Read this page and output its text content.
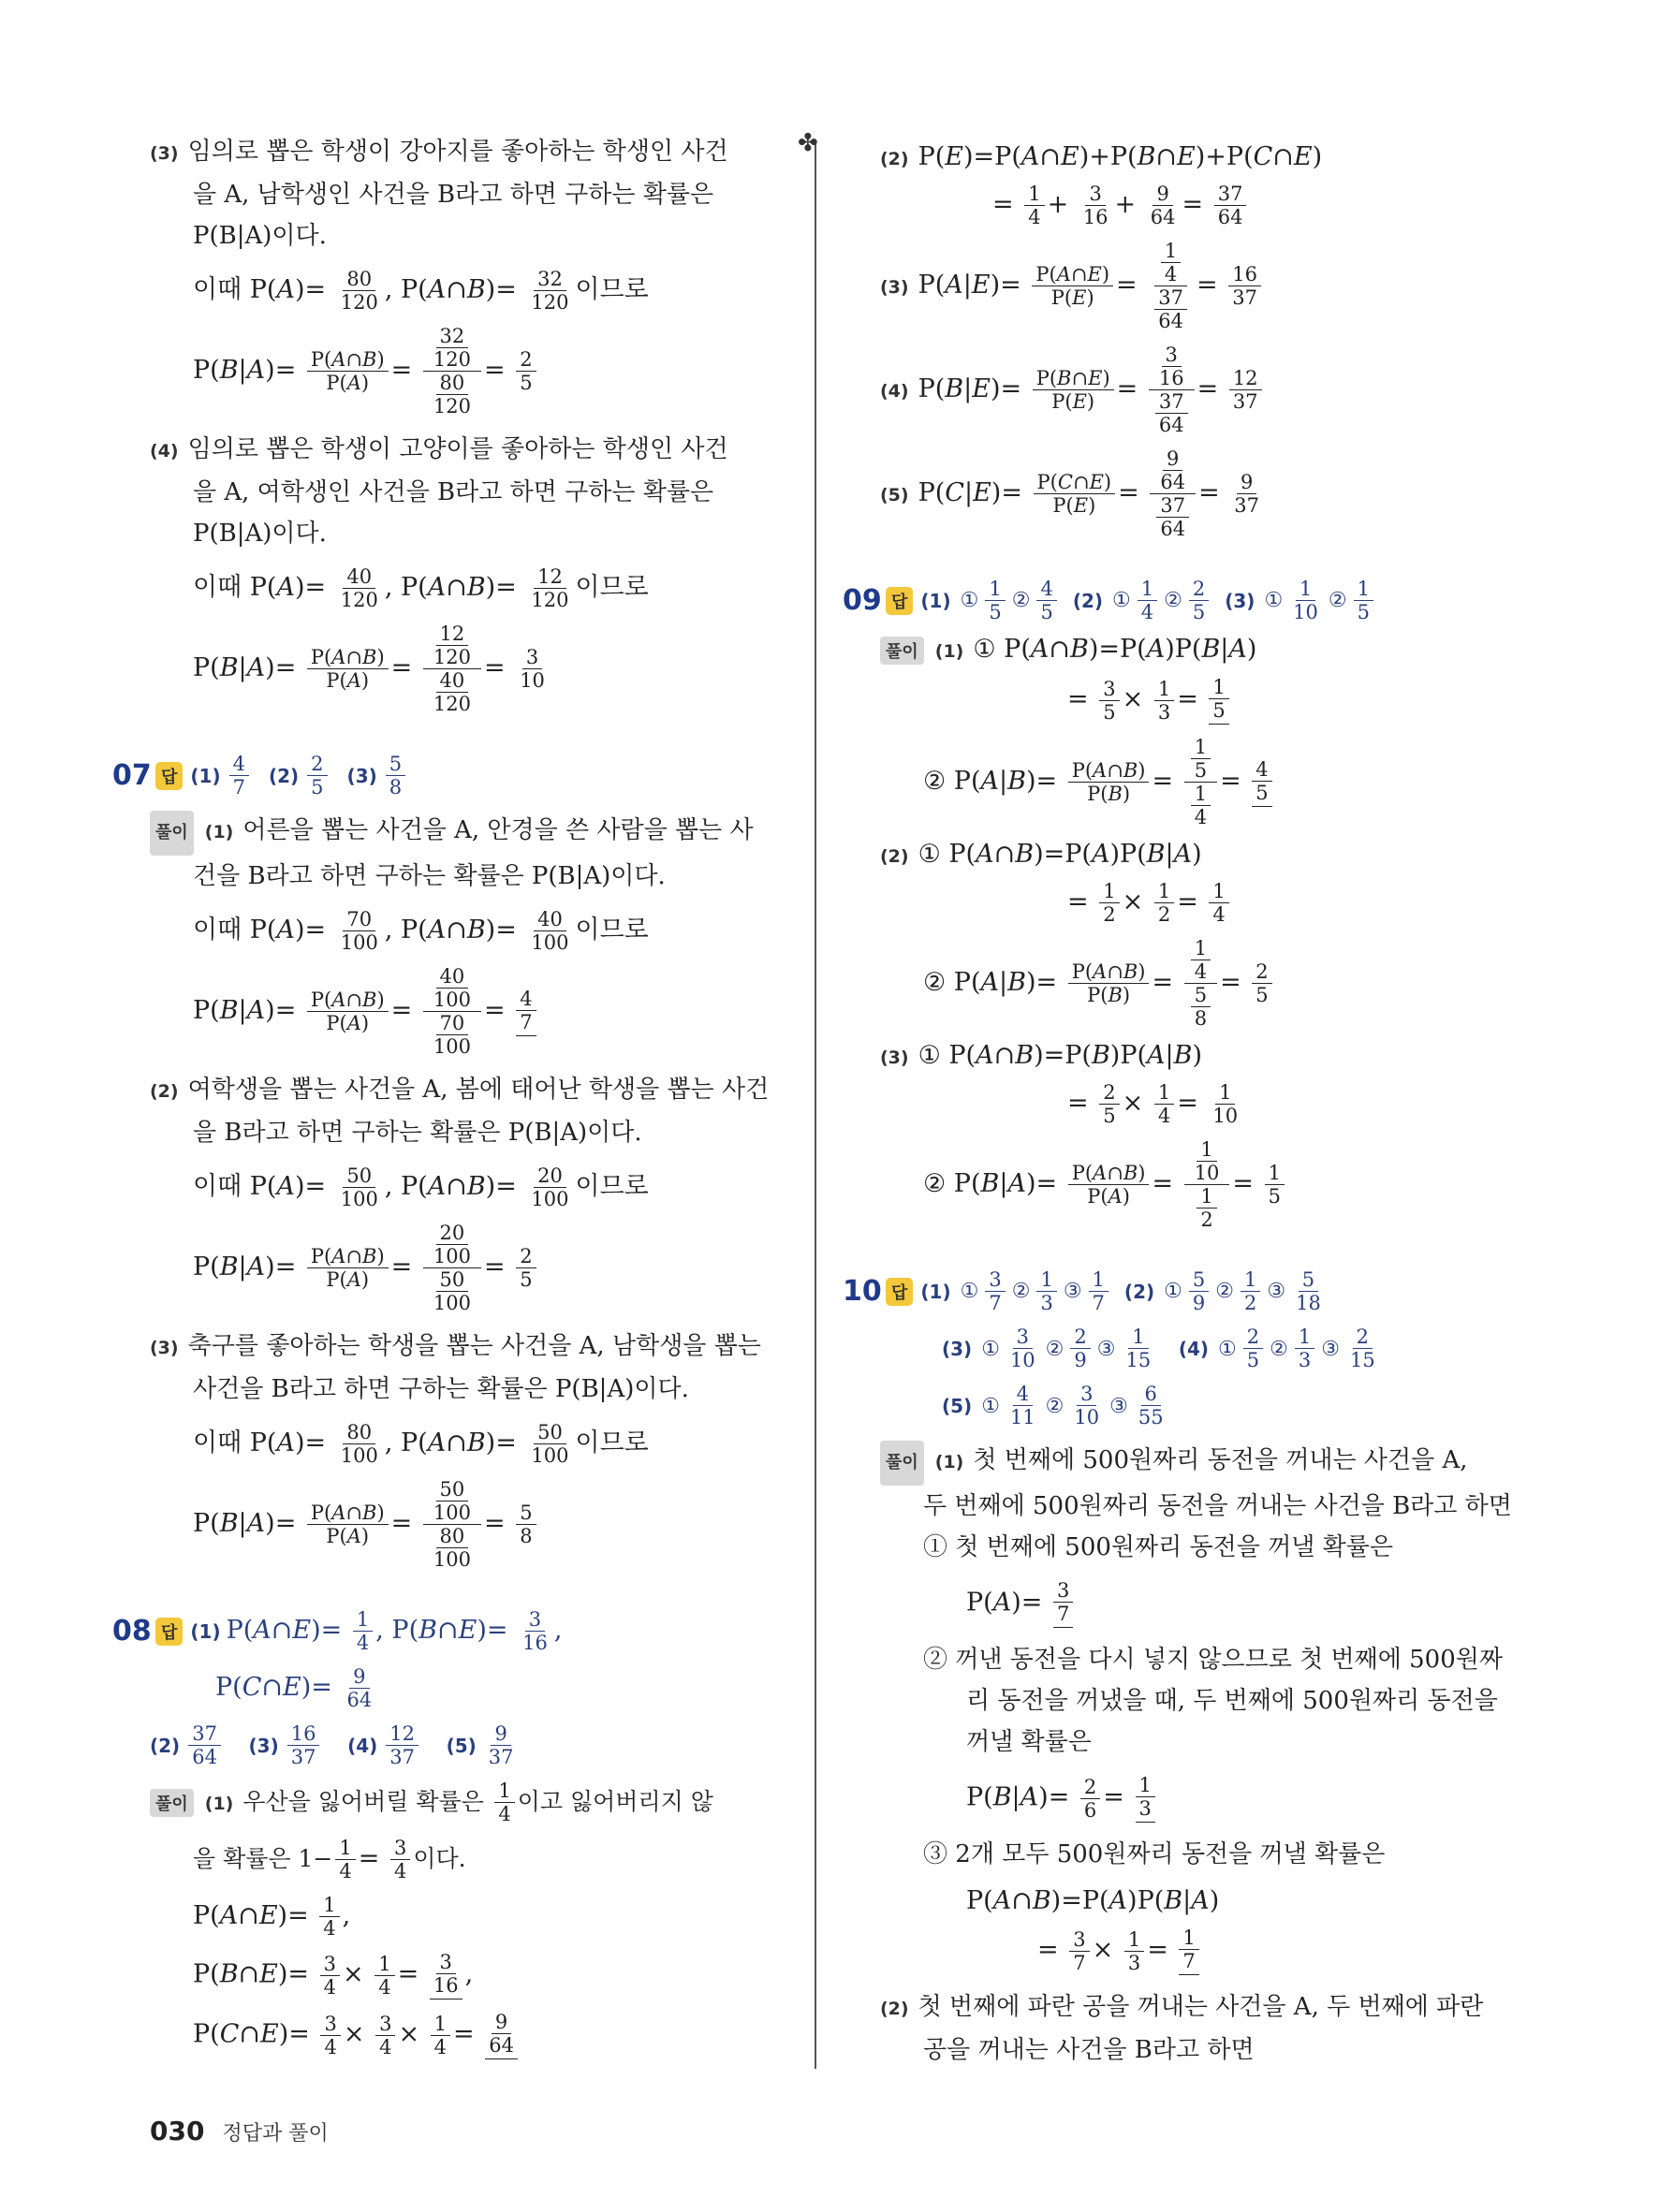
✤

(3) 임의로 뽑은 학생이 강아지를 좋아하는 학생인 사건

을 A, 남학생인 사건을 B라고 하면 구하는 확률은

P(B|A)이다.

이때 $P(A)= \frac{80}{120}$ , P(A∩B)= $\frac{32}{120}$ 이므로
$P(B|A)= \frac{P(A\cap B)}{P(A)} = \frac{\frac{32}{120}}{\frac{80}{120}} = \frac{2}{5}$

(4) 임의로 뽑은 학생이 고양이를 좋아하는 학생인 사건

을 A, 여학생인 사건을 B라고 하면 구하는 확률은

P(B|A)이다.

이때 $P(A)= \frac{40}{120}$ , P(A∩B)= $\frac{12}{120}$ 이므로
$P(B|A)= \frac{P(A\cap B)}{P(A)} = \frac{\frac{12}{120}}{\frac{40}{120}} = \frac{3}{10}$
07 답 $(1) \frac{4}{7} (2) \frac{2}{5} (3) \frac{5}{8}$

풀이 (1) 어른을 뽑는 사건을 A, 안경을 쓴 사람을 뽑는 사

건을 B라고 하면 구하는 확률은 P(B|A)이다.

이때 $P(A)= \frac{70}{100}$ , P(A∩B)= $\frac{40}{100}$ 이므로
$P(B|A)= \frac{P(A\cap B)}{P(A)} = \frac{\frac{40}{100}}{\frac{70}{100}} = \frac{4}{7}$

(2) 여학생을 뽑는 사건을 A, 봄에 태어난 학생을 뽑는 사건

을 B라고 하면 구하는 확률은 P(B|A)이다.

이때 $P(A)= \frac{50}{100}$ , P(A∩B)= $\frac{20}{100}$ 이므로
$P(B|A)= \frac{P(A\cap B)}{P(A)} = \frac{\frac{20}{100}}{\frac{50}{100}} = \frac{2}{5}$

(3) 축구를 좋아하는 학생을 뽑는 사건을 A, 남학생을 뽑는

사건을 B라고 하면 구하는 확률은 P(B|A)이다.

이때 $P(A)= \frac{80}{100}$ , P(A∩B)= $\frac{50}{100}$ 이므로
$P(B|A)= \frac{P(A\cap B)}{P(A)} = \frac{\frac{50}{100}}{\frac{80}{100}} = \frac{5}{8}$
08 답 (1) P(A∩E)= $\frac{1}{4}$ , P(B∩E)= $\frac{3}{16}$ ,
P(C∩E)= $\frac{9}{64}$
$(2) \frac{37}{64}$
$(3) \frac{16}{37}$
$(4) \frac{12}{37}$
$(5) \frac{9}{37}$
풀이 (1) 우산을 잃어버릴 확률은 $\frac{1}{4}$ 이고 잃어버리지 않
을 확률은 $1- \frac{1}{4} = \frac{3}{4}$ 이다.
P(A∩E)= $\frac{1}{4}$ ,
P(B∩E)= $\frac{3}{4} \times \frac{1}{4} = \frac{3}{16}$ ,
P(C∩E)= $\frac{3}{4} \times \frac{3}{4} \times \frac{1}{4} = \frac{9}{64}$
(2) P(E)=P(A∩E)+P(B∩E)+P(C∩E)
= $\frac{1}{4} + \frac{3}{16} + \frac{9}{64} = \frac{37}{64}$
(3) $P(A|E)= \frac{P(A\cap E)}{P(E)} = \frac{\frac{1}{4}}{\frac{37}{64}} = \frac{16}{37}$
(4) $P(B|E)= \frac{P(B\cap E)}{P(E)} = \frac{\frac{3}{16}}{\frac{37}{64}} = \frac{12}{37}$
(5) $P(C|E)= \frac{P(C\cap E)}{P(E)} = \frac{\frac{9}{64}}{\frac{37}{64}} = \frac{9}{37}$
09 답 (1) ① $\frac{1}{5}$ ② $\frac{4}{5} (2)$ ① $\frac{1}{4}$ ② $\frac{2}{5} (3)$ ① $\frac{1}{10}$ ② $\frac{1}{5}$
풀이 (1) ① P(A∩B)=P(A)P(B|A)
= $\frac{3}{5} \times \frac{1}{3} = \frac{1}{5}$
② $P(A|B)= \frac{P(A\cap B)}{P(B)} = \frac{\frac{1}{5}}{\frac{1}{4}} = \frac{4}{5}$
(2) ① P(A∩B)=P(A)P(B|A)
= $\frac{1}{2} \times \frac{1}{2} = \frac{1}{4}$
② $P(A|B)= \frac{P(A\cap B)}{P(B)} = \frac{\frac{1}{4}}{\frac{5}{8}} = \frac{2}{5}$
(3) ① P(A∩B)=P(B)P(A|B)
= $\frac{2}{5} \times \frac{1}{4} = \frac{1}{10}$
② $P(B|A)= \frac{P(A\cap B)}{P(A)} = \frac{\frac{1}{10}}{\frac{1}{2}} = \frac{1}{5}$
10 답 (1) ① $\frac{3}{7}$ ② $\frac{1}{3}$ ③ $\frac{1}{7} (2)$ ① $\frac{5}{9}$ ② $\frac{1}{2}$ ③ $\frac{5}{18}$
(3) ① $\frac{3}{10}$ ② $\frac{2}{9}$ ③ $\frac{1}{15} (4)$ ① $\frac{2}{5}$ ② $\frac{1}{3}$ ③ $\frac{2}{15}$
(5) ① $\frac{4}{11}$ ② $\frac{3}{10}$ ③ $\frac{6}{55}$

풀이 (1) 첫 번째에 500원짜리 동전을 꺼내는 사건을 A,

두 번째에 500원짜리 동전을 꺼내는 사건을 B라고 하면

① 첫 번째에 500원짜리 동전을 꺼낼 확률은

$P(A)= \frac{3}{7}$

② 꺼낸 동전을 다시 넣지 않으므로 첫 번째에 500원짜

리 동전을 꺼냈을 때, 두 번째에 500원짜리 동전을

꺼낼 확률은

$P(B|A)= \frac{2}{6} = \frac{1}{3}$

③ 2개 모두 500원짜리 동전을 꺼낼 확률은

P(A∩B)=P(A)P(B|A)
= $\frac{3}{7} \times \frac{1}{3} = \frac{1}{7}$

(2) 첫 번째에 파란 공을 꺼내는 사건을 A, 두 번째에 파란

공을 꺼내는 사건을 B라고 하면

030 정답과 풀이
